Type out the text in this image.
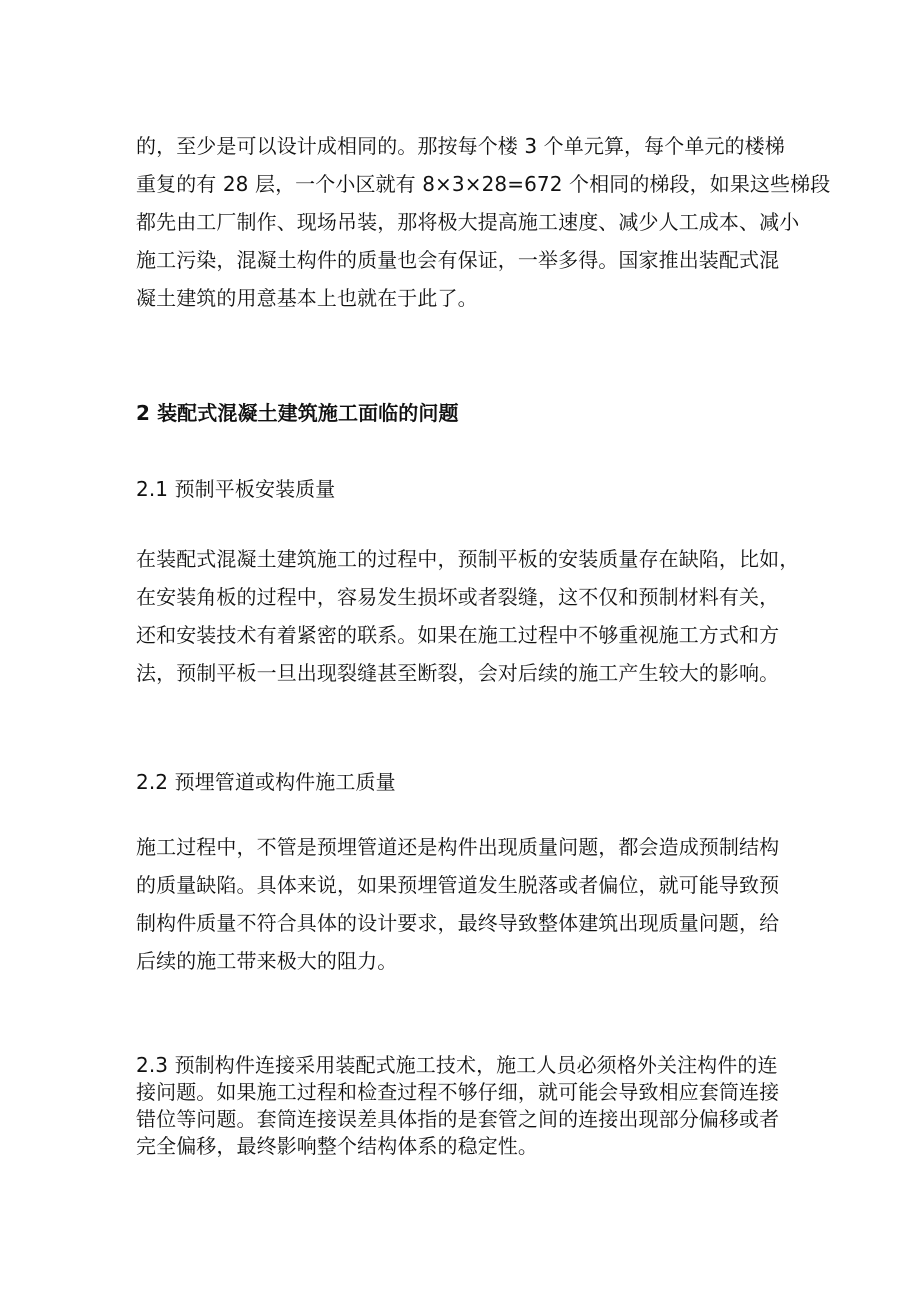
的，至少是可以设计成相同的。那按每个楼 3 个单元算，每个单元的楼梯
重复的有 28 层，一个小区就有 8×3×28=672 个相同的梯段，如果这些梯段
都先由工厂制作、现场吊装，那将极大提高施工速度、减少人工成本、减小
施工污染，混凝土构件的质量也会有保证，一举多得。国家推出装配式混
凝土建筑的用意基本上也就在于此了。
2 装配式混凝土建筑施工面临的问题
2.1 预制平板安装质量
在装配式混凝土建筑施工的过程中，预制平板的安装质量存在缺陷，比如，
在安装角板的过程中，容易发生损坏或者裂缝，这不仅和预制材料有关，
还和安装技术有着紧密的联系。如果在施工过程中不够重视施工方式和方
法，预制平板一旦出现裂缝甚至断裂，会对后续的施工产生较大的影响。
2.2 预埋管道或构件施工质量
施工过程中，不管是预埋管道还是构件出现质量问题，都会造成预制结构
的质量缺陷。具体来说，如果预埋管道发生脱落或者偏位，就可能导致预
制构件质量不符合具体的设计要求，最终导致整体建筑出现质量问题，给
后续的施工带来极大的阻力。
2.3 预制构件连接采用装配式施工技术，施工人员必须格外关注构件的连
接问题。如果施工过程和检查过程不够仔细，就可能会导致相应套筒连接
错位等问题。套筒连接误差具体指的是套管之间的连接出现部分偏移或者
完全偏移，最终影响整个结构体系的稳定性。
